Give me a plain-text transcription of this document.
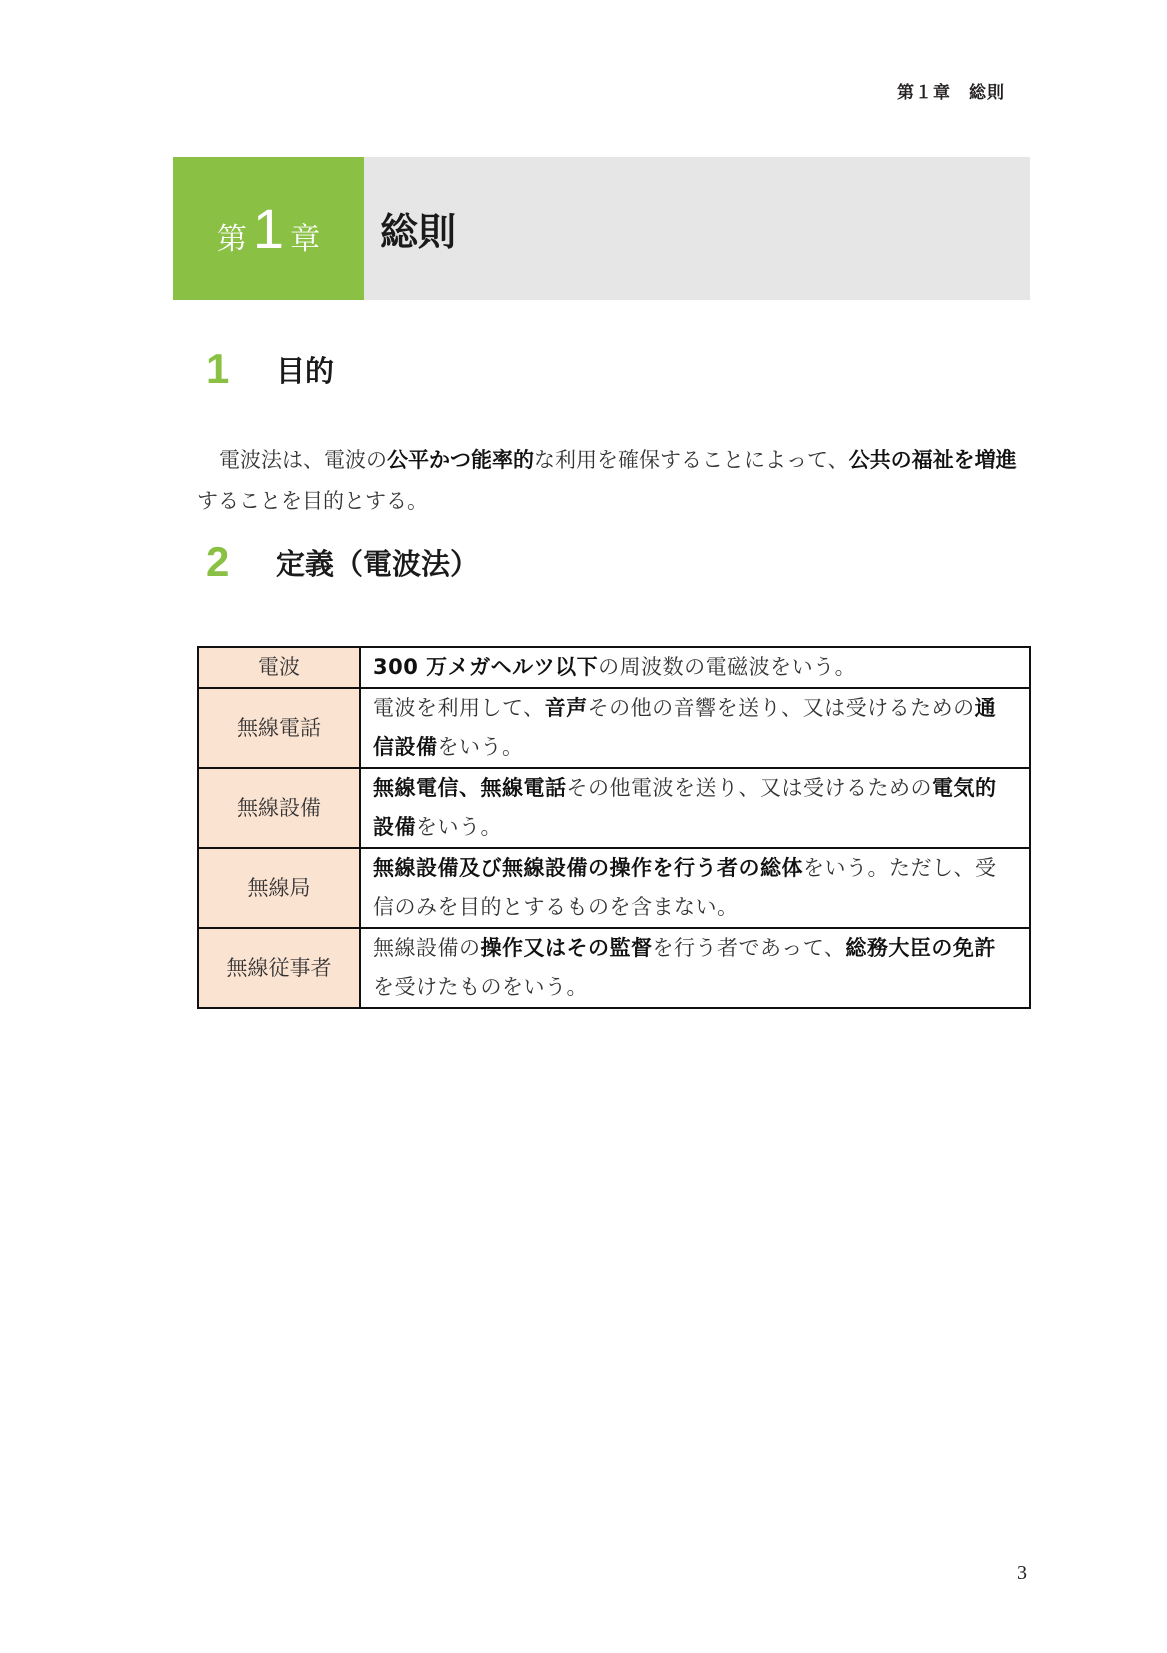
第１章　総則
第 1 章	総則
1	目的

電波法は、電波の公平かつ能率的な利用を確保することによって、公共の福祉を増進することを目的とする。

2	定義（電波法）
電波	300 万メガヘルツ以下の周波数の電磁波をいう。
無線電話	電波を利用して、音声その他の音響を送り、又は受けるための通信設備をいう。
無線設備	無線電信、無線電話その他電波を送り、又は受けるための電気的設備をいう。
無線局	無線設備及び無線設備の操作を行う者の総体をいう。ただし、受信のみを目的とするものを含まない。
無線従事者	無線設備の操作又はその監督を行う者であって、総務大臣の免許を受けたものをいう。
3
